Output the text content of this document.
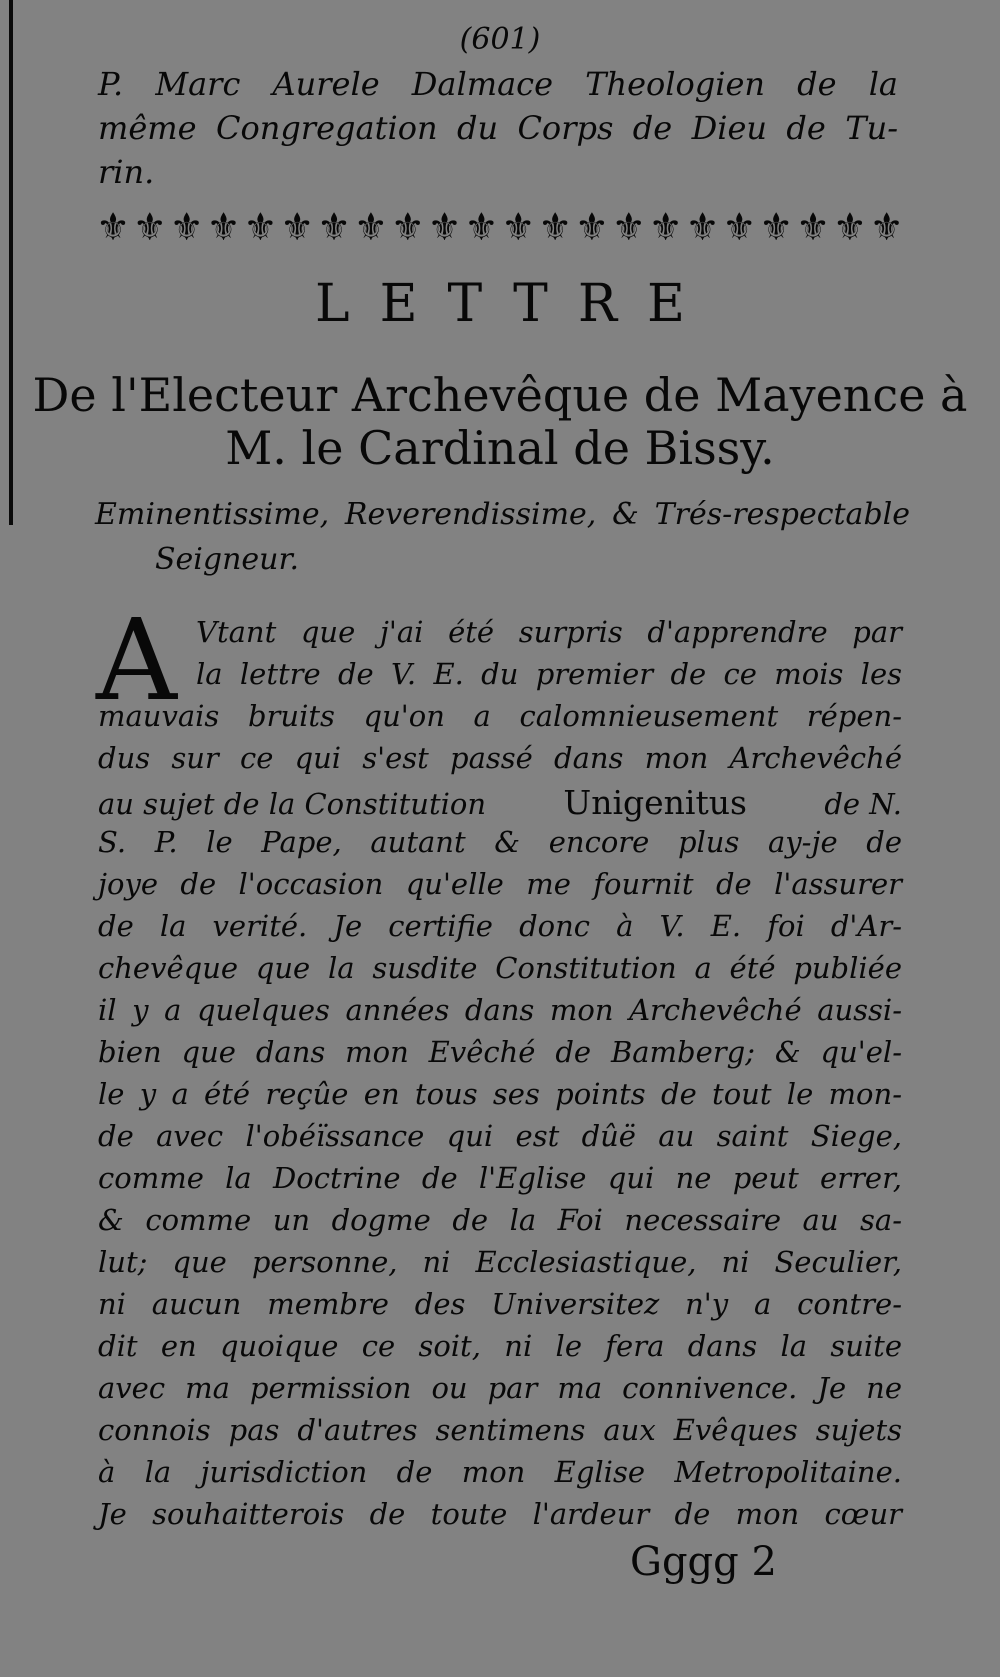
(601)
P. Marc Aurele Dalmace Theologien de la
même Congregation du Corps de Dieu de Tu-
rin.
⚜ ⚜ ⚜ ⚜ ⚜ ⚜ ⚜ ⚜ ⚜ ⚜ ⚜ ⚜ ⚜ ⚜ ⚜ ⚜ ⚜ ⚜ ⚜ ⚜ ⚜ ⚜
LETTRE
De l'Electeur Archevêque de Mayence à
M. le Cardinal de Bissy.
Eminentissime, Reverendissime, & Trés-respectable
Seigneur.
A Vtant que j'ai été surpris d'apprendre par
la lettre de V. E. du premier de ce mois les
mauvais bruits qu'on a calomnieusement répen-
dus sur ce qui s'est passé dans mon Archevêché
au sujet de la Constitution Unigenitus	de N.
S. P. le Pape, autant & encore plus ay-je de
joye de l'occasion qu'elle me fournit de l'assurer
de la verité. Je certifie donc à V. E. foi d'Ar-
chevêque que la susdite Constitution a été publiée
il y a quelques années dans mon Archevêché aussi-
bien que dans mon Evêché de Bamberg; & qu'el-
le y a été reçûe en tous ses points de tout le mon-
de avec l'obéïssance qui est dûë au saint Siege,
comme la Doctrine de l'Eglise qui ne peut errer,
& comme un dogme de la Foi necessaire au sa-
lut; que personne, ni Ecclesiastique, ni Seculier,
ni aucun membre des Universitez n'y a contre-
dit en quoique ce soit, ni le fera dans la suite
avec ma permission ou par ma connivence. Je ne
connois pas d'autres sentimens aux Evêques sujets
à la jurisdiction de mon Eglise Metropolitaine.
Je souhaitterois de toute l'ardeur de mon cœur
Gggg 2
